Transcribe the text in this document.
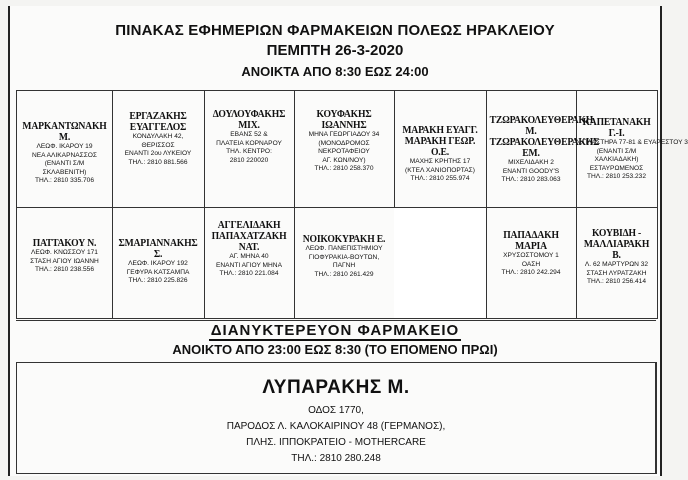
ΠΙΝΑΚΑΣ ΕΦΗΜΕΡΙΩΝ ΦΑΡΜΑΚΕΙΩΝ ΠΟΛΕΩΣ ΗΡΑΚΛΕΙΟΥ
ΠΕΜΠΤΗ 26-3-2020
ΑΝΟΙΚΤΑ ΑΠΟ 8:30 ΕΩΣ 24:00
ΜΑΡΚΑΝΤΩΝΑΚΗ Μ.
ΛΕΩΦ. ΙΚΑΡΟΥ 19
ΝΕΑ ΑΛΙΚΑΡΝΑΣΣΟΣ
(ΕΝΑΝΤΙ Σ/Μ
ΣΚΛΑΒΕΝΙΤΗ)
ΤΗΛ.: 2810 335.706
ΕΡΓΑΖΑΚΗΣ
ΕΥΑΓΓΕΛΟΣ
ΚΟΝΔΥΛΑΚΗ 42,
ΘΕΡΙΣΣΟΣ
ΕΝΑΝΤΙ 2ου ΛΥΚΕΙΟΥ
ΤΗΛ.: 2810 881.566
ΔΟΥΛΟΥΦΑΚΗΣ
ΜΙΧ.
ΕΒΑΝΣ 52 &
ΠΛΑΤΕΙΑ ΚΟΡΝΑΡΟΥ
ΤΗΛ. ΚΕΝΤΡΟ:
2810 220020
ΚΟΥΦΑΚΗΣ
ΙΩΑΝΝΗΣ
ΜΗΝΑ ΓΕΩΡΓΙΑΔΟΥ 34
(ΜΟΝΟΔΡΟΜΟΣ
ΝΕΚΡΟΤΑΦΕΙΟΥ
ΑΓ. ΚΩΝ/ΝΟΥ)
ΤΗΛ.: 2810 258.370
ΜΑΡΑΚΗ ΕΥΑΓΓ.
ΜΑΡΑΚΗ ΓΕΩΡ. Ο.Ε.
ΜΑΧΗΣ ΚΡΗΤΗΣ 17
(ΚΤΕΛ ΧΑΝΙΟΠΟΡΤΑΣ)
ΤΗΛ.: 2810 255.974
ΤΖΩΡΑΚΟΛΕΥΘΕΡΑΚΗ Μ.
ΤΖΩΡΑΚΟΛΕΥΘΕΡΑΚΗΣ ΕΜ.
ΜΙΧΕΛΙΔΑΚΗ 2
ΕΝΑΝΤΙ GOODY'S
ΤΗΛ.: 2810 283.063
ΚΑΠΕΤΑΝΑΚΗ Γ.-Ι.
Ν.ΠΛΑΣΤΗΡΑ 77-81 & ΕΥΑΡΕΣΤΟΥ 3
(ΕΝΑΝΤΙ Σ/Μ
ΧΑΛΚΙΑΔΑΚΗ)
ΕΣΤΑΥΡΩΜΕΝΟΣ
ΤΗΛ.: 2810 253.232
ΠΑΤΤΑΚΟΥ Ν.
ΛΕΩΦ. ΚΝΩΣΣΟΥ 171
ΣΤΑΣΗ ΑΓΙΟΥ ΙΩΑΝΝΗ
ΤΗΛ.: 2810 238.556
ΣΜΑΡΙΑΝΝΑΚΗΣ Σ.
ΛΕΩΦ. ΙΚΑΡΟΥ 192
ΓΕΦΥΡΑ ΚΑΤΣΑΜΠΑ
ΤΗΛ.: 2810 225.826
ΑΓΓΕΛΙΔΑΚΗ
ΠΑΠΑΧΑΤΖΑΚΗ
ΝΑΤ.
ΑΓ. ΜΗΝΑ 40
ΕΝΑΝΤΙ ΑΓΙΟΥ ΜΗΝΑ
ΤΗΛ.: 2810 221.084
ΝΟΙΚΟΚΥΡΑΚΗ Ε.
ΛΕΩΦ. ΠΑΝΕΠΙΣΤΗΜΙΟΥ
ΓΙΟΦΥΡΑΚΙΑ-ΒΟΥΤΩΝ,
ΠΑΓΝΗ
ΤΗΛ.: 2810 261.429
ΠΑΠΑΔΑΚΗ
ΜΑΡΙΑ
ΧΡΥΣΟΣΤΟΜΟΥ 1
ΟΑΣΗ
ΤΗΛ.: 2810 242.294
ΚΟΥΒΙΔΗ -
ΜΑΛΛΙΑΡΑΚΗ Β.
Λ. 62 ΜΑΡΤΥΡΩΝ 32
ΣΤΑΣΗ ΛΥΡΑΤΖΑΚΗ
ΤΗΛ.: 2810 256.414
ΔΙΑΝΥΚΤΕΡΕΥΟΝ ΦΑΡΜΑΚΕΙΟ
ΑΝΟΙΚΤΟ ΑΠΟ 23:00 ΕΩΣ 8:30 (ΤΟ ΕΠΟΜΕΝΟ ΠΡΩΙ)
ΛΥΠΑΡΑΚΗΣ Μ.
ΟΔΟΣ 1770,
ΠΑΡΟΔΟΣ Λ. ΚΑΛΟΚΑΙΡΙΝΟΥ 48 (ΓΕΡΜΑΝΟΣ),
ΠΛΗΣ. ΙΠΠΟΚΡΑΤΕΙΟ - MOTHERCARE
ΤΗΛ.: 2810 280.248
